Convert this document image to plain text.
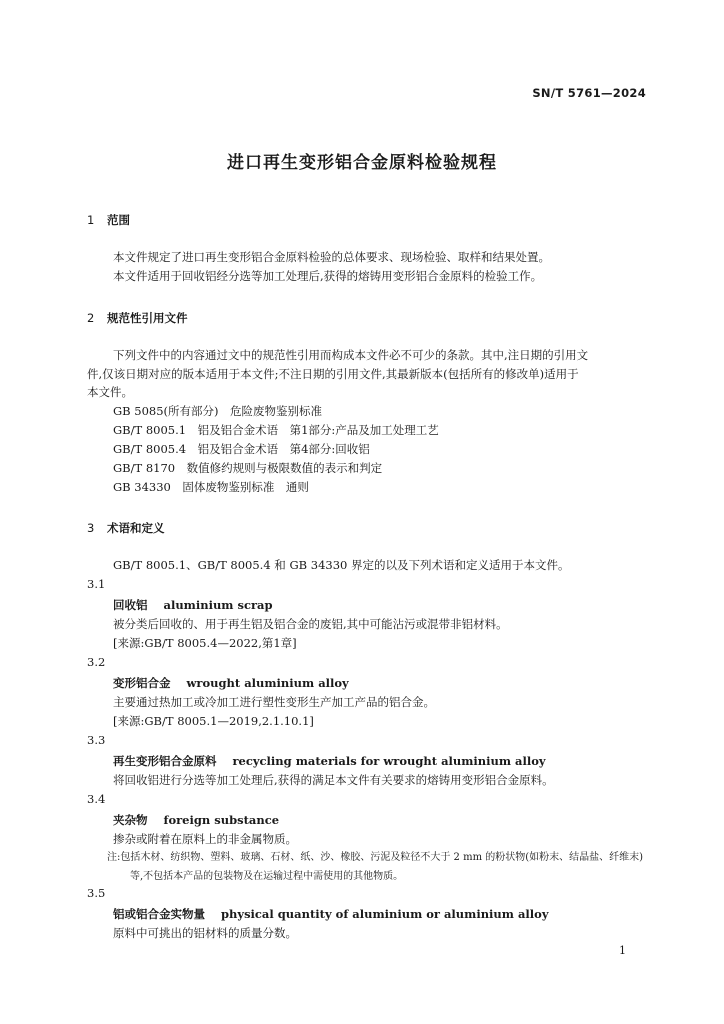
SN/T 5761—2024
进口再生变形铝合金原料检验规程
1 范围
本文件规定了进口再生变形铝合金原料检验的总体要求、现场检验、取样和结果处置。
本文件适用于回收铝经分选等加工处理后,获得的熔铸用变形铝合金原料的检验工作。
2 规范性引用文件
下列文件中的内容通过文中的规范性引用而构成本文件必不可少的条款。其中,注日期的引用文
件,仅该日期对应的版本适用于本文件;不注日期的引用文件,其最新版本(包括所有的修改单)适用于
本文件。
GB 5085(所有部分)　 危险废物鉴别标准
GB/T 8005.1　 铝及铝合金术语　第1部分:产品及加工处理工艺
GB/T 8005.4　 铝及铝合金术语　第4部分:回收铝
GB/T 8170　 数值修约规则与极限数值的表示和判定
GB 34330　 固体废物鉴别标准　通则
3 术语和定义
GB/T 8005.1、GB/T 8005.4 和 GB 34330 界定的以及下列术语和定义适用于本文件。
3.1
回收铝 aluminium scrap
被分类后回收的、用于再生铝及铝合金的废铝,其中可能沾污或混带非铝材料。
[来源:GB/T 8005.4—2022,第1章]
3.2
变形铝合金 wrought aluminium alloy
主要通过热加工或冷加工进行塑性变形生产加工产品的铝合金。
[来源:GB/T 8005.1—2019,2.1.10.1]
3.3
再生变形铝合金原料 recycling materials for wrought aluminium alloy
将回收铝进行分选等加工处理后,获得的满足本文件有关要求的熔铸用变形铝合金原料。
3.4
夹杂物 foreign substance
掺杂或附着在原料上的非金属物质。
注:包括木材、纺织物、塑料、玻璃、石材、纸、沙、橡胶、污泥及粒径不大于 2 mm 的粉状物(如粉末、结晶盐、纤维末)
等,不包括本产品的包装物及在运输过程中需使用的其他物质。
3.5
铝或铝合金实物量 physical quantity of aluminium or aluminium alloy
原料中可挑出的铝材料的质量分数。
1
